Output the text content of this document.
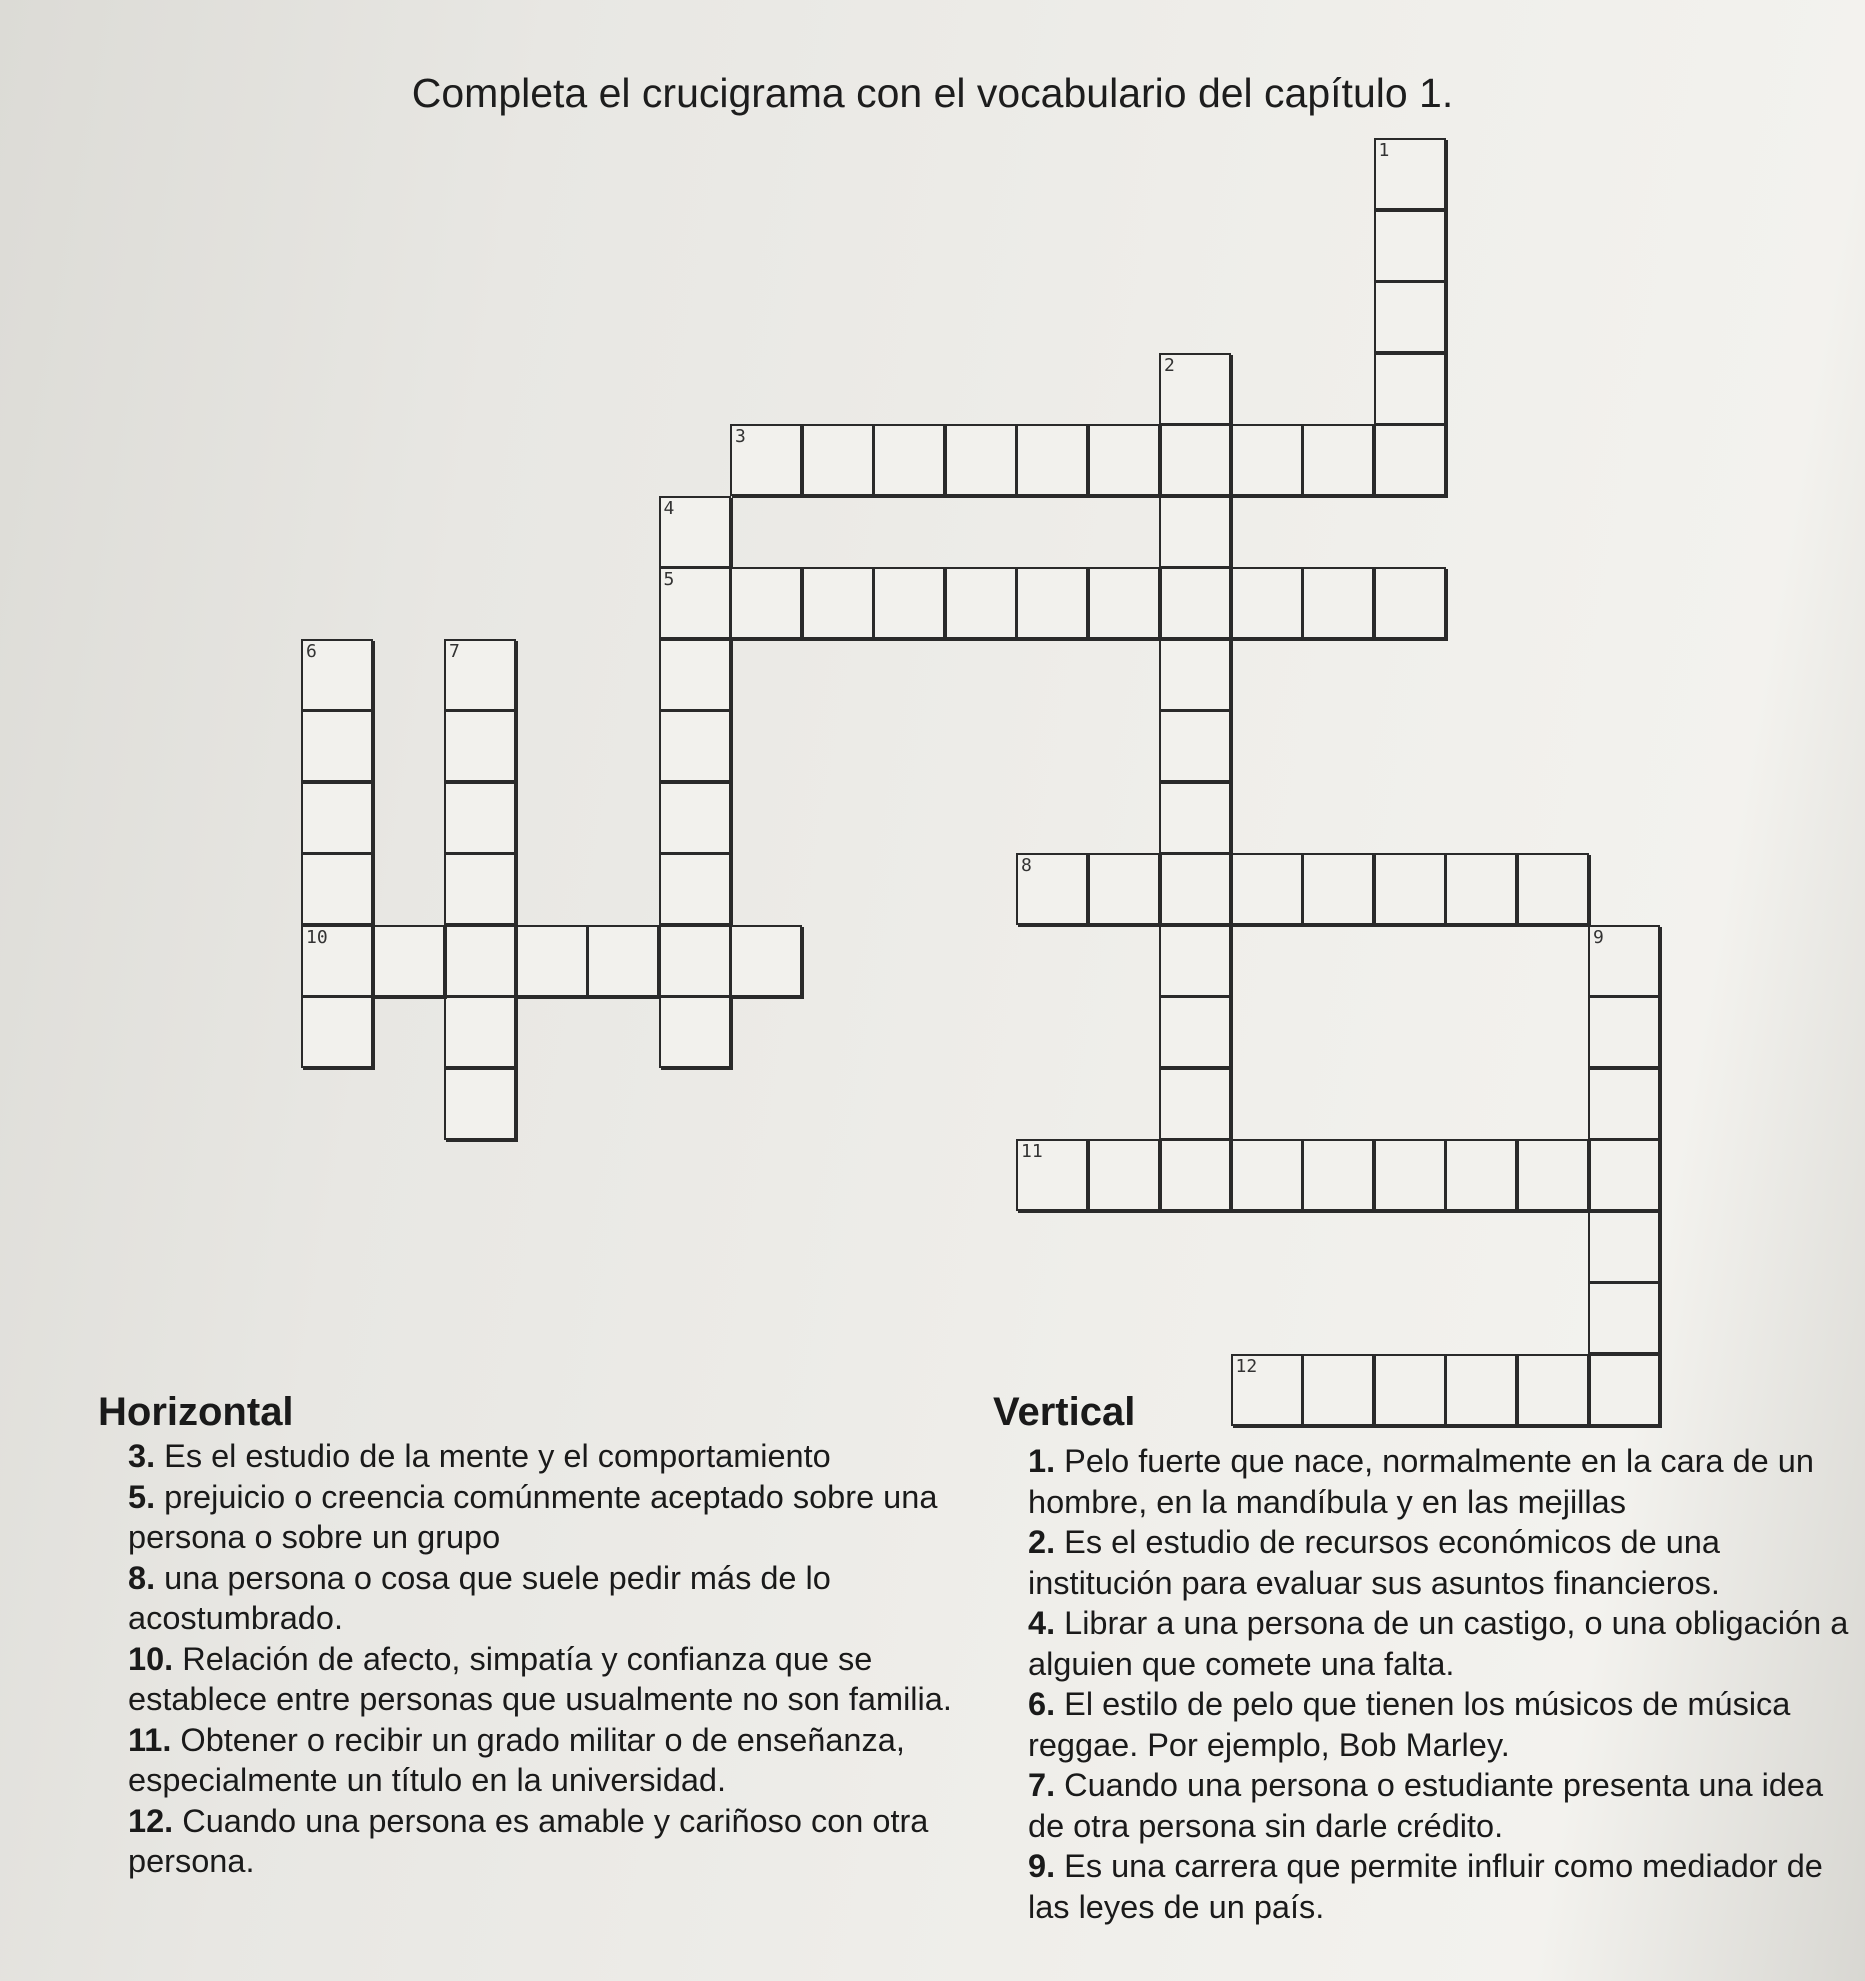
Completa el crucigrama con el vocabulario del capítulo 1.
1
2
3
4
5
6
10
7
8
9
11
12
Horizontal	Vertical
3. Es el estudio de la mente y el comportamiento
5. prejuicio o creencia comúnmente aceptado sobre una persona o sobre un grupo
8. una persona o cosa que suele pedir más de lo acostumbrado.
10. Relación de afecto, simpatía y confianza que se establece entre personas que usualmente no son familia.
11. Obtener o recibir un grado militar o de enseñanza, especialmente un título en la universidad.
12. Cuando una persona es amable y cariñoso con otra persona.
1. Pelo fuerte que nace, normalmente en la cara de un hombre, en la mandíbula y en las mejillas
2. Es el estudio de recursos económicos de una institución para evaluar sus asuntos financieros.
4. Librar a una persona de un castigo, o una obligación a alguien que comete una falta.
6. El estilo de pelo que tienen los músicos de música reggae. Por ejemplo, Bob Marley.
7. Cuando una persona o estudiante presenta una idea de otra persona sin darle crédito.
9. Es una carrera que permite influir como mediador de las leyes de un país.
